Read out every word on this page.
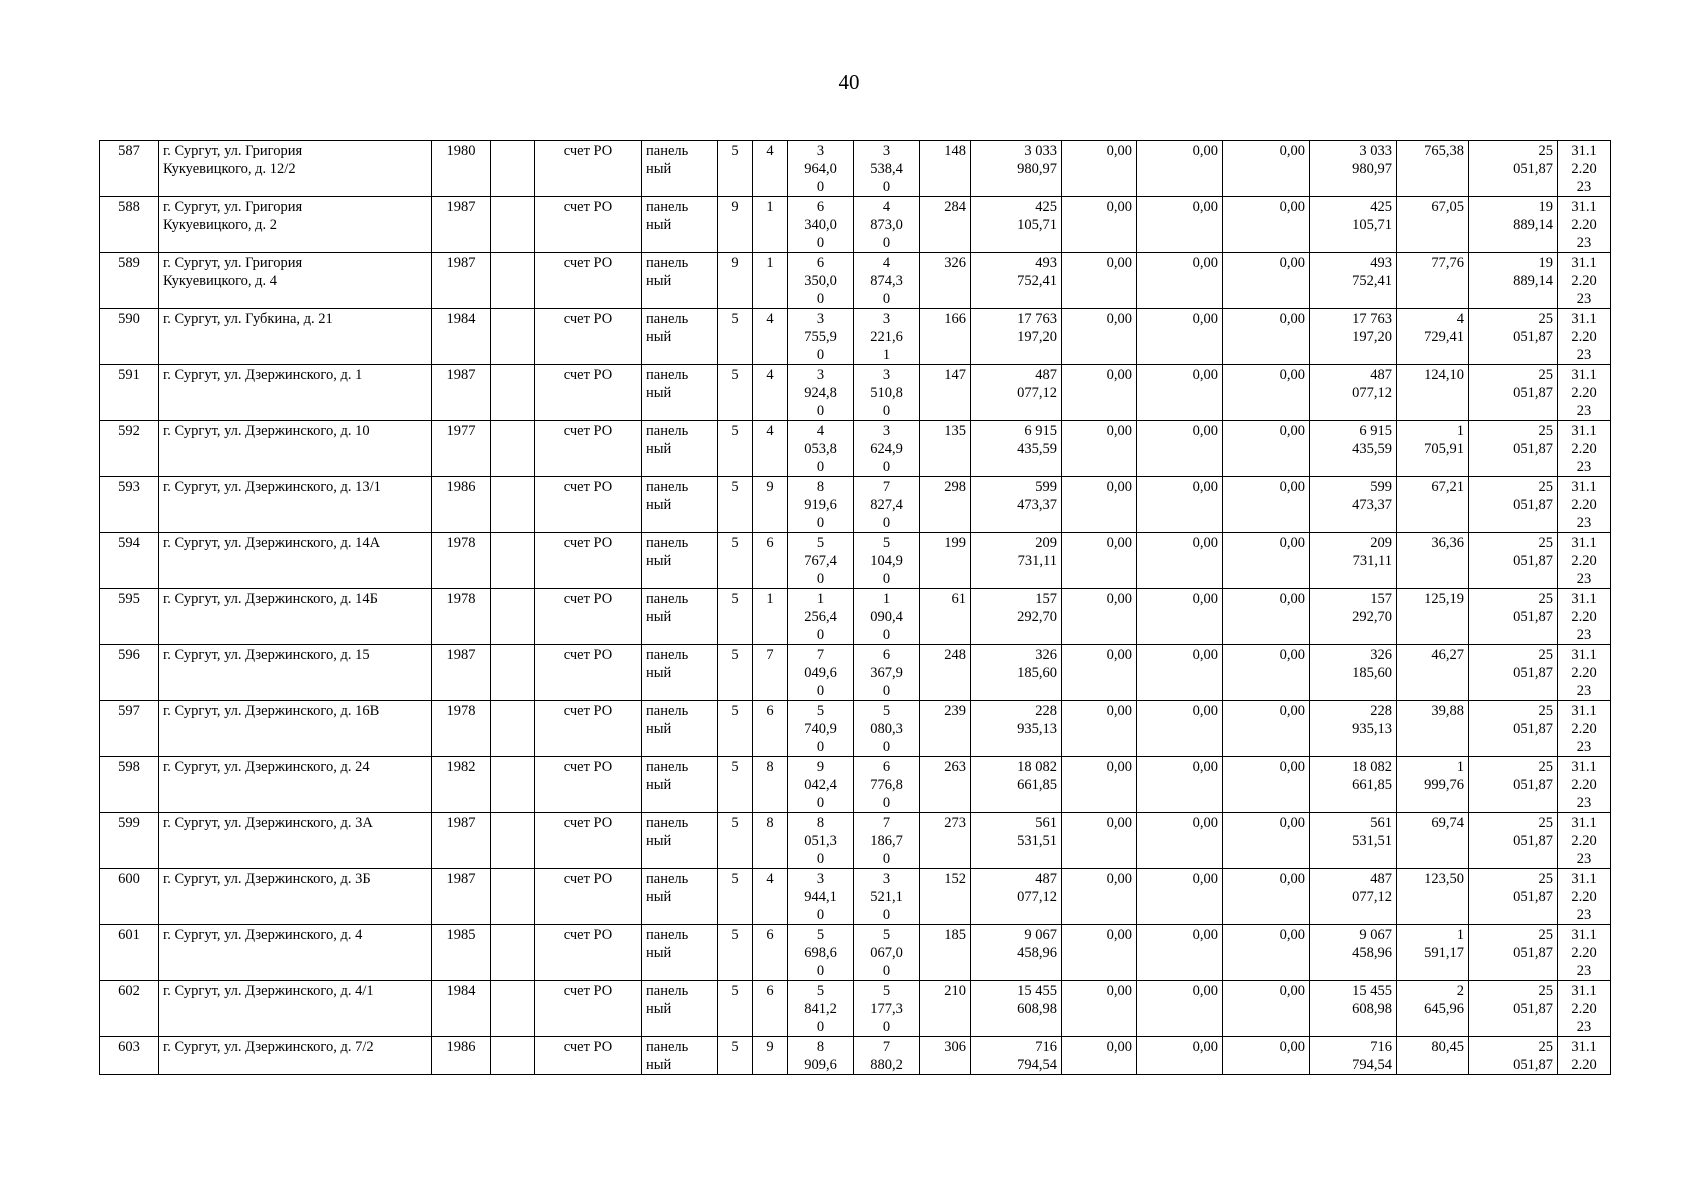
40
587	г. Сургут, ул. Григория
Кукуевицкого, д. 12/2	1980		счет РО	панель
ный	5	4	3
964,0
0	3
538,4
0	148	3 033
980,97	0,00	0,00	0,00	3 033
980,97	765,38	25
051,87	31.1
2.20
23

588	г. Сургут, ул. Григория
Кукуевицкого, д. 2	1987		счет РО	панель
ный	9	1	6
340,0
0	4
873,0
0	284	425
105,71	0,00	0,00	0,00	425
105,71	67,05	19
889,14	31.1
2.20
23

589	г. Сургут, ул. Григория
Кукуевицкого, д. 4	1987		счет РО	панель
ный	9	1	6
350,0
0	4
874,3
0	326	493
752,41	0,00	0,00	0,00	493
752,41	77,76	19
889,14	31.1
2.20
23

590	г. Сургут, ул. Губкина, д. 21	1984		счет РО	панель
ный	5	4	3
755,9
0	3
221,6
1	166	17 763
197,20	0,00	0,00	0,00	17 763
197,20	4
729,41	25
051,87	31.1
2.20
23

591	г. Сургут, ул. Дзержинского, д. 1	1987		счет РО	панель
ный	5	4	3
924,8
0	3
510,8
0	147	487
077,12	0,00	0,00	0,00	487
077,12	124,10	25
051,87	31.1
2.20
23

592	г. Сургут, ул. Дзержинского, д. 10	1977		счет РО	панель
ный	5	4	4
053,8
0	3
624,9
0	135	6 915
435,59	0,00	0,00	0,00	6 915
435,59	1
705,91	25
051,87	31.1
2.20
23

593	г. Сургут, ул. Дзержинского, д. 13/1	1986		счет РО	панель
ный	5	9	8
919,6
0	7
827,4
0	298	599
473,37	0,00	0,00	0,00	599
473,37	67,21	25
051,87	31.1
2.20
23

594	г. Сургут, ул. Дзержинского, д. 14А	1978		счет РО	панель
ный	5	6	5
767,4
0	5
104,9
0	199	209
731,11	0,00	0,00	0,00	209
731,11	36,36	25
051,87	31.1
2.20
23

595	г. Сургут, ул. Дзержинского, д. 14Б	1978		счет РО	панель
ный	5	1	1
256,4
0	1
090,4
0	61	157
292,70	0,00	0,00	0,00	157
292,70	125,19	25
051,87	31.1
2.20
23

596	г. Сургут, ул. Дзержинского, д. 15	1987		счет РО	панель
ный	5	7	7
049,6
0	6
367,9
0	248	326
185,60	0,00	0,00	0,00	326
185,60	46,27	25
051,87	31.1
2.20
23

597	г. Сургут, ул. Дзержинского, д. 16В	1978		счет РО	панель
ный	5	6	5
740,9
0	5
080,3
0	239	228
935,13	0,00	0,00	0,00	228
935,13	39,88	25
051,87	31.1
2.20
23

598	г. Сургут, ул. Дзержинского, д. 24	1982		счет РО	панель
ный	5	8	9
042,4
0	6
776,8
0	263	18 082
661,85	0,00	0,00	0,00	18 082
661,85	1
999,76	25
051,87	31.1
2.20
23

599	г. Сургут, ул. Дзержинского, д. 3А	1987		счет РО	панель
ный	5	8	8
051,3
0	7
186,7
0	273	561
531,51	0,00	0,00	0,00	561
531,51	69,74	25
051,87	31.1
2.20
23

600	г. Сургут, ул. Дзержинского, д. 3Б	1987		счет РО	панель
ный	5	4	3
944,1
0	3
521,1
0	152	487
077,12	0,00	0,00	0,00	487
077,12	123,50	25
051,87	31.1
2.20
23

601	г. Сургут, ул. Дзержинского, д. 4	1985		счет РО	панель
ный	5	6	5
698,6
0	5
067,0
0	185	9 067
458,96	0,00	0,00	0,00	9 067
458,96	1
591,17	25
051,87	31.1
2.20
23

602	г. Сургут, ул. Дзержинского, д. 4/1	1984		счет РО	панель
ный	5	6	5
841,2
0	5
177,3
0	210	15 455
608,98	0,00	0,00	0,00	15 455
608,98	2
645,96	25
051,87	31.1
2.20
23

603	г. Сургут, ул. Дзержинского, д. 7/2	1986		счет РО	панель
ный	5	9	8
909,6	7
880,2	306	716
794,54	0,00	0,00	0,00	716
794,54	80,45	25
051,87	31.1
2.20
